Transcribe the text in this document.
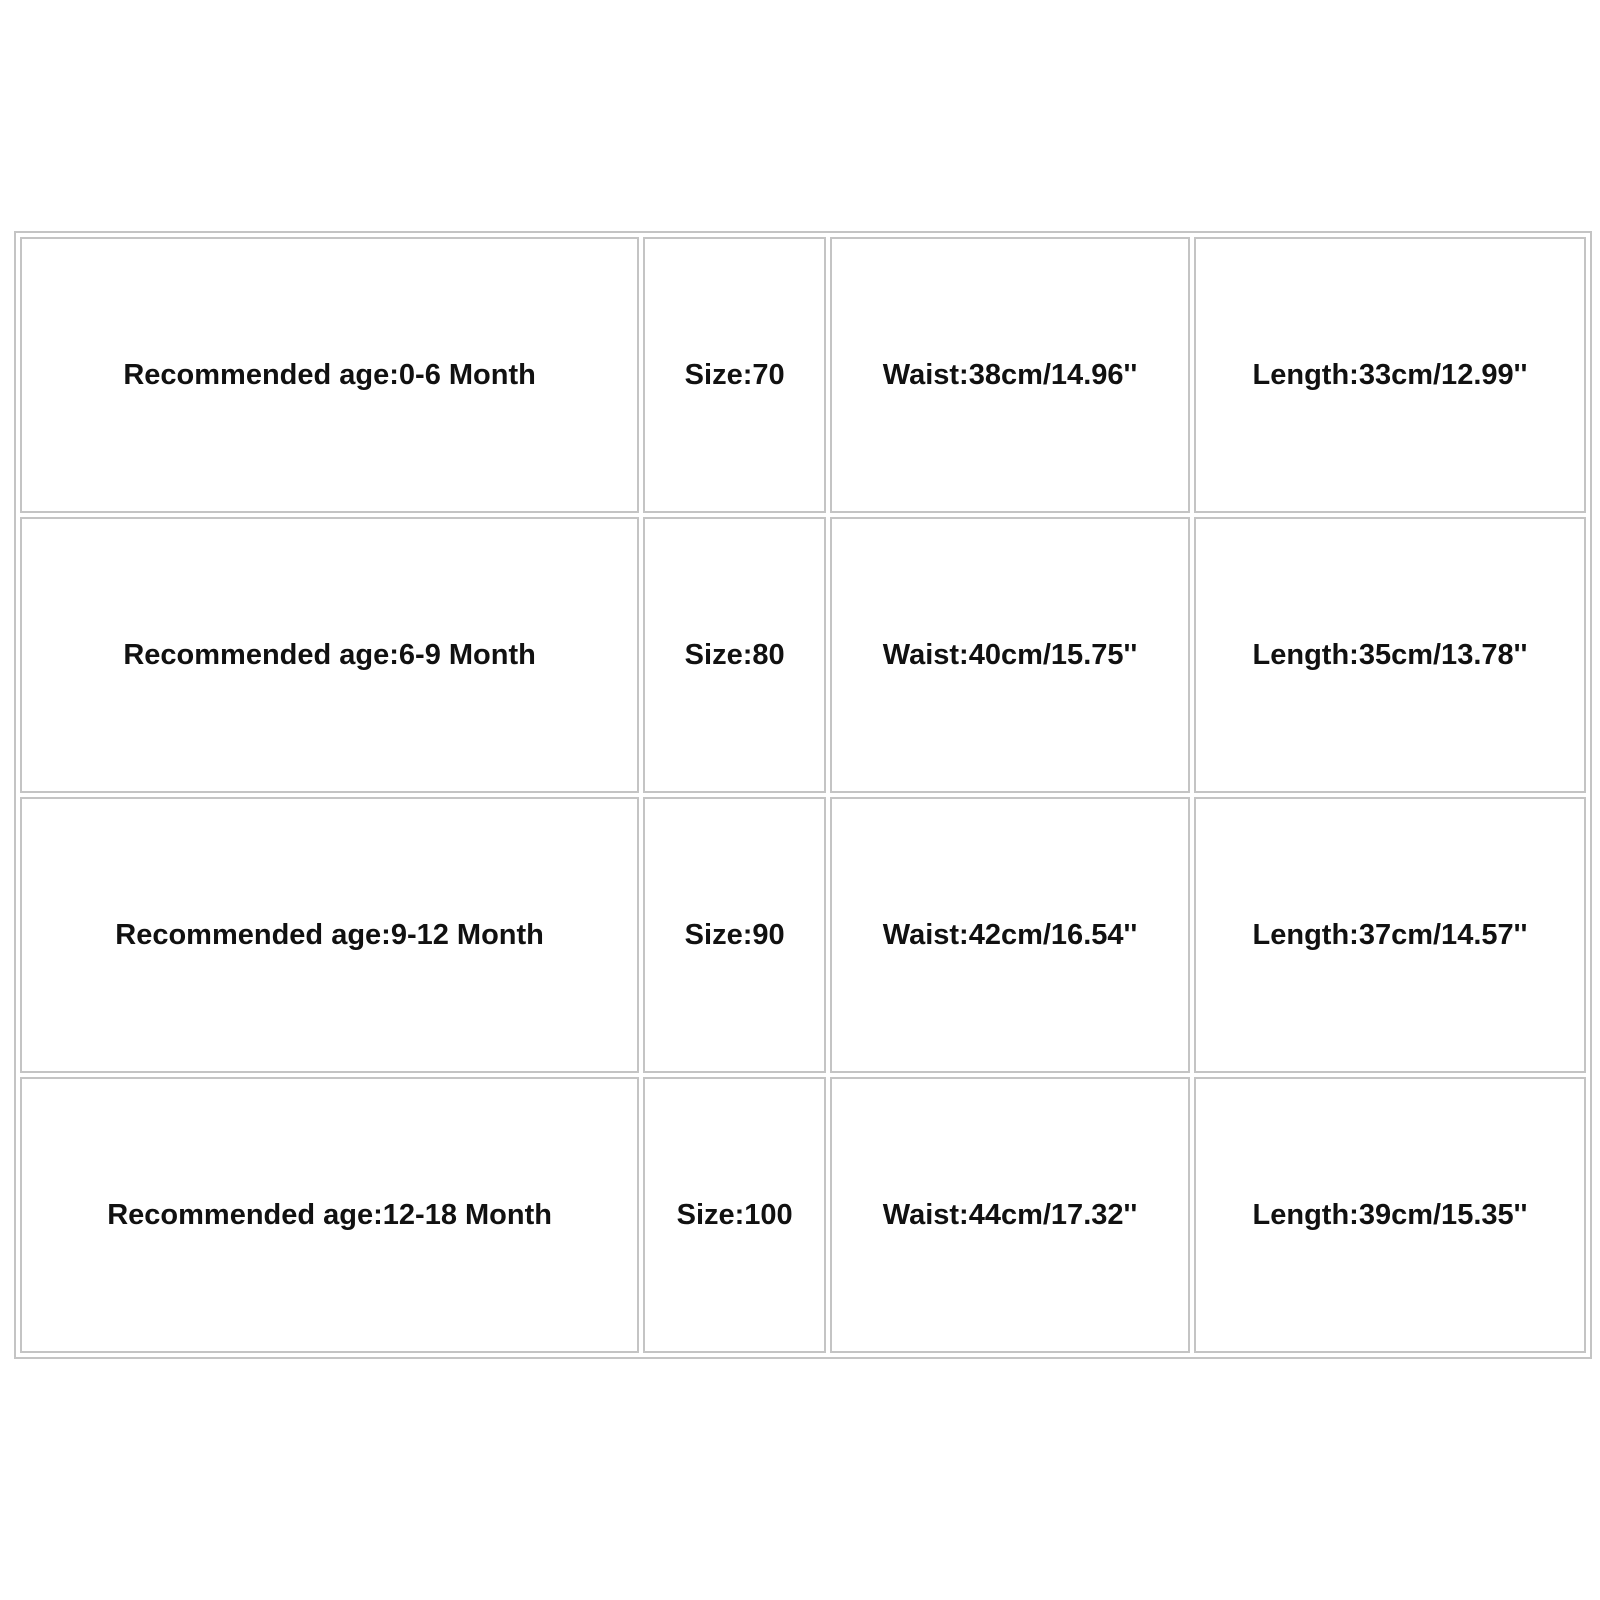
Recommended age:0-6 Month	Size:70	Waist:38cm/14.96''	Length:33cm/12.99''
Recommended age:6-9 Month	Size:80	Waist:40cm/15.75''	Length:35cm/13.78''
Recommended age:9-12 Month	Size:90	Waist:42cm/16.54''	Length:37cm/14.57''
Recommended age:12-18 Month	Size:100	Waist:44cm/17.32''	Length:39cm/15.35''
